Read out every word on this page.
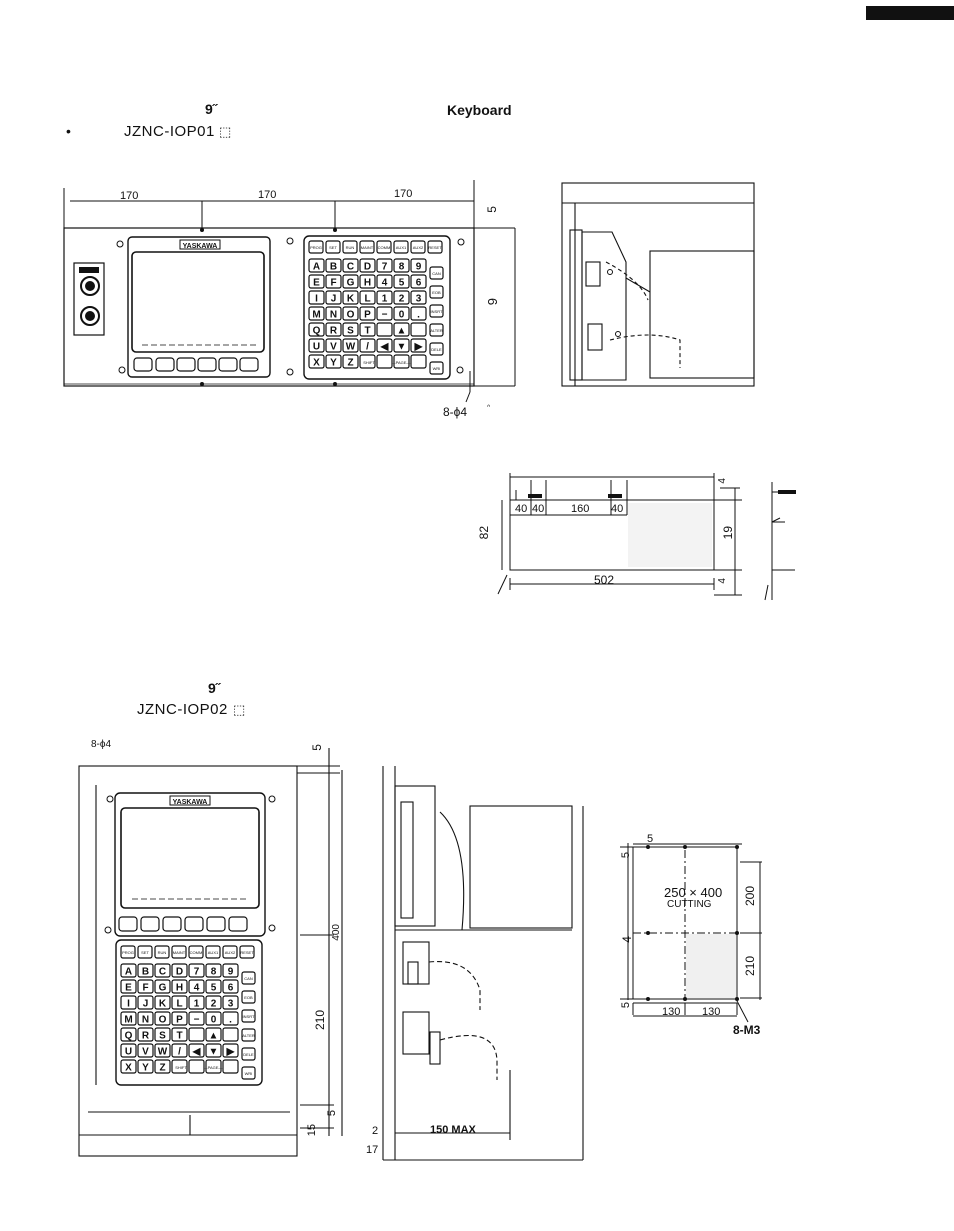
9˝	Keyboard
•	JZNC-IOP01 ⬚
170	170	170
5
9
8-ϕ4 ᐢ
YASKAWA	PROG SET RUN MAINT COMM AUX1 AUX2 RESET
A B C D 7 8 9
E F G H 4 5 6
I J K L 1 2 3
M N O P − 0 .
Q R S T	▲
U V W / ◀ ▼ ▶
X Y Z
CAN
EOB
INSRT
ALTER
DELE
WRI
SHIFT	—PAGE—
40 40 160 40
82	19
502
4
4
9˝
JZNC-IOP02 ⬚
8-ϕ4	5
400
210
5
15	2
17
150 MAX
5
5
250 × 400
CUTTING	200
210
4
5
130 130
8-M3
YASKAWA
PROG SET RUN MAINT COMM AUX1 AUX2 RESET
A B C D 7 8 9
E F G H 4 5 6
I J K L 1 2 3
M N O P − 0 .
Q R S T	▲
U V W / ◀ ▼ ▶
X Y Z
CAN
EOB
INSRT
ALTER
DELE
WRI
SHIFT	—PAGE—
